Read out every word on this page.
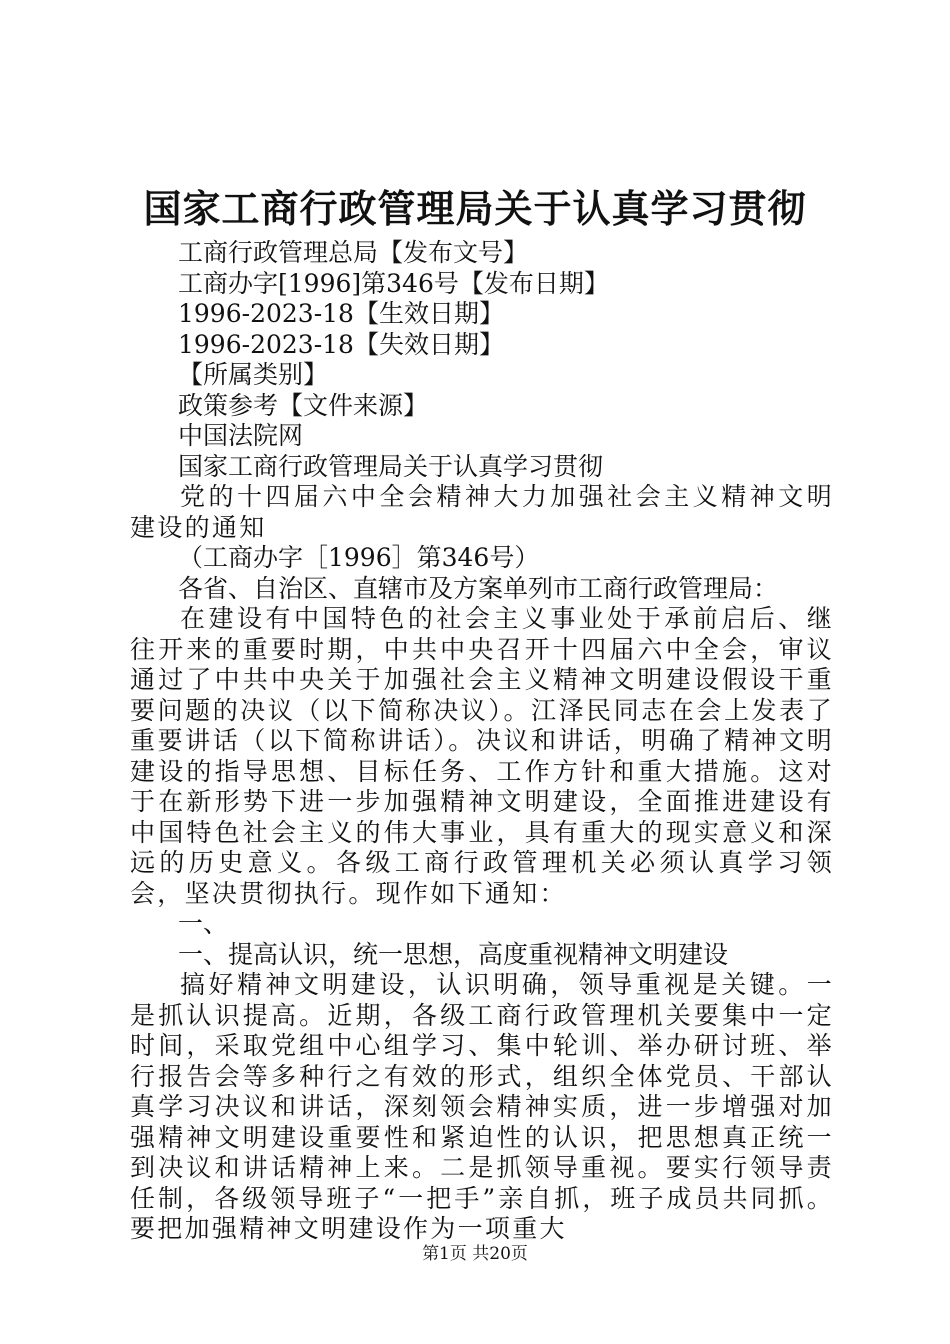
国家工商行政管理局关于认真学习贯彻
工商行政管理总局【发布文号】
工商办字[1996]第346号【发布日期】
1996-2023-18【生效日期】
1996-2023-18【失效日期】
【所属类别】
政策参考【文件来源】
中国法院网
国家工商行政管理局关于认真学习贯彻

党的十四届六中全会精神大力加强社会主义精神文明建设的通知

（工商办字［1996］第346号）
各省、自治区、直辖市及方案单列市工商行政管理局：

在建设有中国特色的社会主义事业处于承前启后、继往开来的重要时期，中共中央召开十四届六中全会，审议通过了中共中央关于加强社会主义精神文明建设假设干重要问题的决议（以下简称决议）。江泽民同志在会上发表了重要讲话（以下简称讲话）。决议和讲话，明确了精神文明建设的指导思想、目标任务、工作方针和重大措施。这对于在新形势下进一步加强精神文明建设，全面推进建设有中国特色社会主义的伟大事业，具有重大的现实意义和深远的历史意义。各级工商行政管理机关必须认真学习领会，坚决贯彻执行。现作如下通知：

一、
一、提高认识，统一思想，高度重视精神文明建设

搞好精神文明建设，认识明确，领导重视是关键。一是抓认识提高。近期，各级工商行政管理机关要集中一定时间，采取党组中心组学习、集中轮训、举办研讨班、举行报告会等多种行之有效的形式，组织全体党员、干部认真学习决议和讲话，深刻领会精神实质，进一步增强对加强精神文明建设重要性和紧迫性的认识，把思想真正统一到决议和讲话精神上来。二是抓领导重视。要实行领导责任制，各级领导班子“一把手”亲自抓，班子成员共同抓。要把加强精神文明建设作为一项重大

第1页 共20页
